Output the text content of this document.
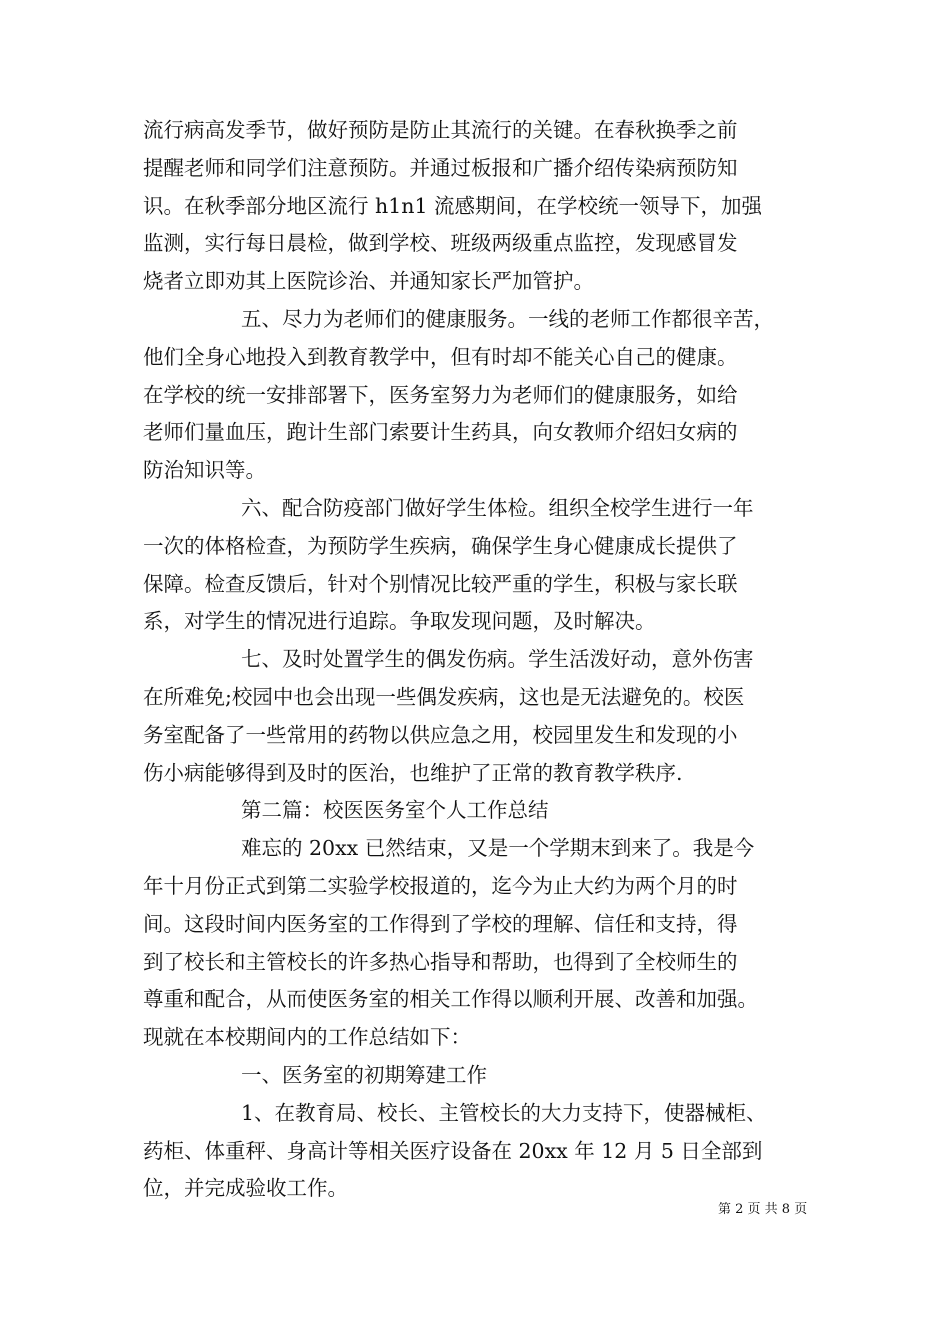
流行病高发季节，做好预防是防止其流行的关键。在春秋换季之前
提醒老师和同学们注意预防。并通过板报和广播介绍传染病预防知
识。在秋季部分地区流行 h1n1 流感期间，在学校统一领导下，加强
监测，实行每日晨检，做到学校、班级两级重点监控，发现感冒发
烧者立即劝其上医院诊治、并通知家长严加管护。
五、尽力为老师们的健康服务。一线的老师工作都很辛苦，
他们全身心地投入到教育教学中，但有时却不能关心自己的健康。
在学校的统一安排部署下，医务室努力为老师们的健康服务，如给
老师们量血压，跑计生部门索要计生药具，向女教师介绍妇女病的
防治知识等。
六、配合防疫部门做好学生体检。组织全校学生进行一年
一次的体格检查，为预防学生疾病，确保学生身心健康成长提供了
保障。检查反馈后，针对个别情况比较严重的学生，积极与家长联
系，对学生的情况进行追踪。争取发现问题，及时解决。
七、及时处置学生的偶发伤病。学生活泼好动，意外伤害
在所难免;校园中也会出现一些偶发疾病，这也是无法避免的。校医
务室配备了一些常用的药物以供应急之用，校园里发生和发现的小
伤小病能够得到及时的医治，也维护了正常的教育教学秩序.
第二篇：校医医务室个人工作总结
难忘的 20xx 已然结束，又是一个学期末到来了。我是今
年十月份正式到第二实验学校报道的，迄今为止大约为两个月的时
间。这段时间内医务室的工作得到了学校的理解、信任和支持，得
到了校长和主管校长的许多热心指导和帮助，也得到了全校师生的
尊重和配合，从而使医务室的相关工作得以顺利开展、改善和加强。
现就在本校期间内的工作总结如下：
一、医务室的初期筹建工作
1、在教育局、校长、主管校长的大力支持下，使器械柜、
药柜、体重秤、身高计等相关医疗设备在 20xx 年 12 月 5 日全部到
位，并完成验收工作。
第 2 页 共 8 页
